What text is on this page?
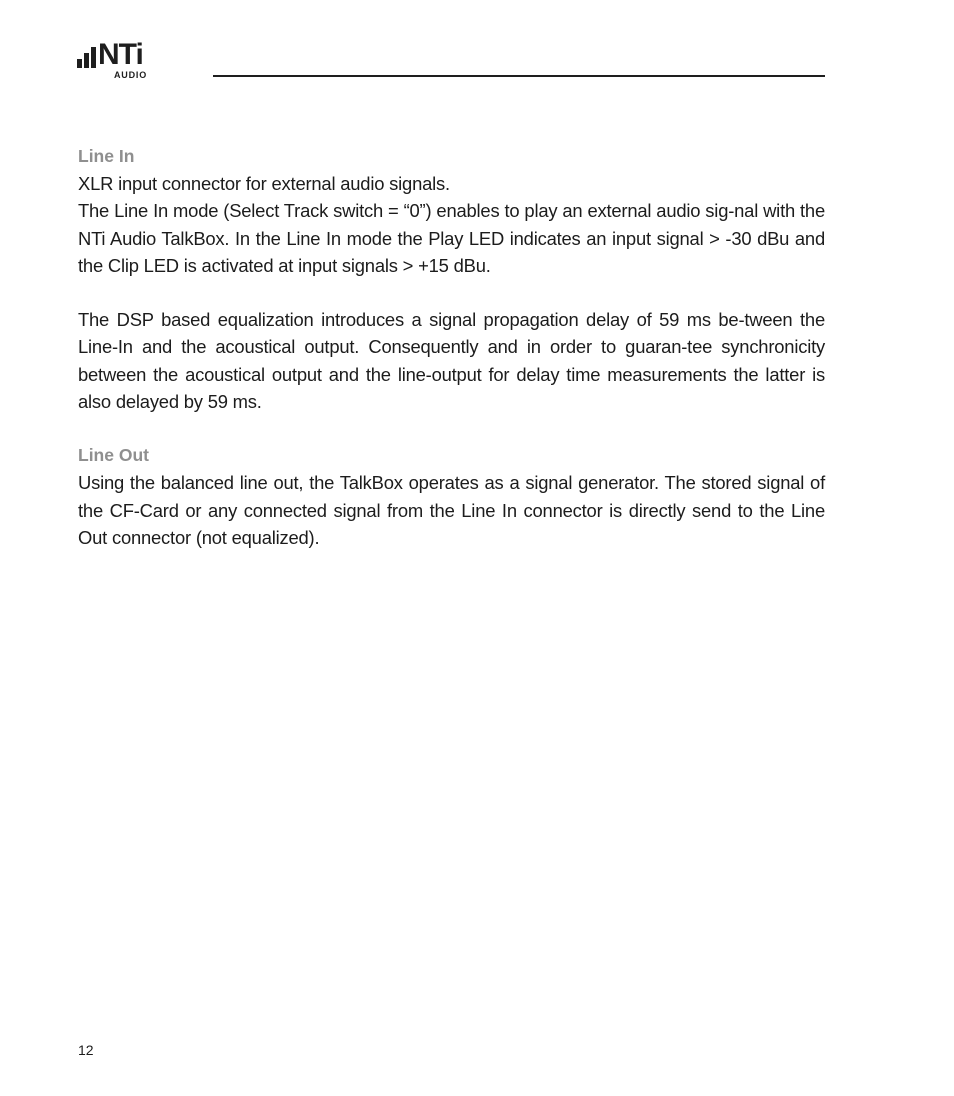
NTi
AUDIO

Line In

XLR input connector for external audio signals.

The Line In mode (Select Track switch = “0”) enables to play an external audio sig-nal with the NTi Audio TalkBox. In the Line In mode the Play LED indicates an input signal > -30 dBu and the Clip LED is activated at input signals > +15 dBu.

The DSP based equalization introduces a signal propagation delay of 59 ms be-tween the Line-In and the acoustical output. Consequently and in order to guaran-tee synchronicity between the acoustical output and the line-output for delay time measurements the latter is also delayed by 59 ms.

Line Out

Using the balanced line out, the TalkBox operates as a signal generator. The stored signal of the CF-Card or any connected signal from the Line In connector is directly send to the Line Out connector (not equalized).

12
